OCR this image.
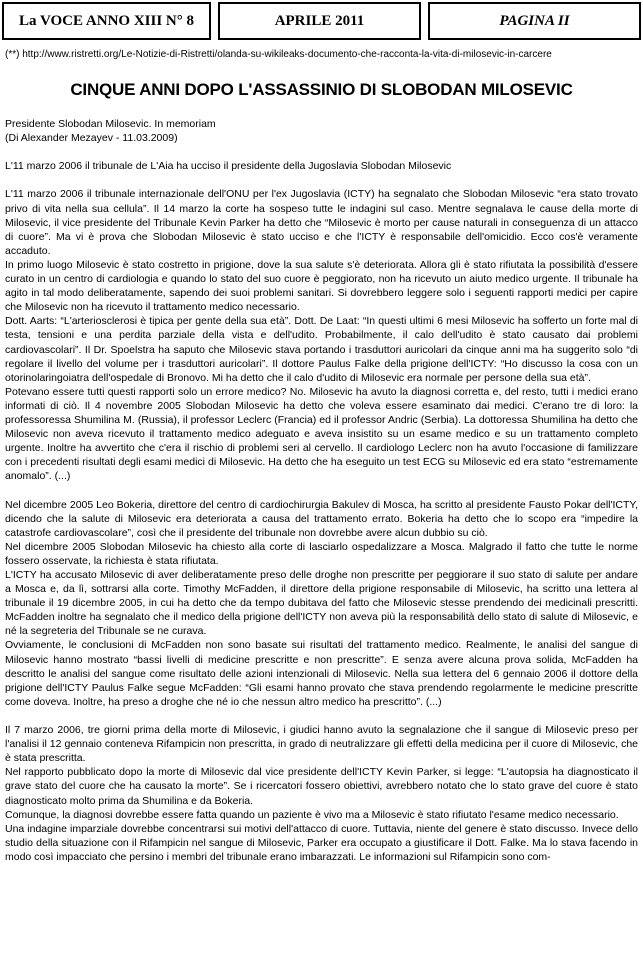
La VOCE ANNO XIII N° 8	APRILE 2011	PAGINA II
(**) http://www.ristretti.org/Le-Notizie-di-Ristretti/olanda-su-wikileaks-documento-che-racconta-la-vita-di-milosevic-in-carcere
CINQUE ANNI DOPO L'ASSASSINIO DI SLOBODAN MILOSEVIC

Presidente Slobodan Milosevic. In memoriam

(Di Alexander Mezayev - 11.03.2009)

L'11 marzo 2006 il tribunale de L'Aia ha ucciso il presidente della Jugoslavia Slobodan Milosevic

L'11 marzo 2006 il tribunale internazionale dell'ONU per l'ex Jugoslavia (ICTY) ha segnalato che Slobodan Milosevic “era stato trovato privo di vita nella sua cellula”. Il 14 marzo la corte ha sospeso tutte le indagini sul caso. Mentre segnalava le cause della morte di Milosevic, il vice presidente del Tribunale Kevin Parker ha detto che “Milosevic è morto per cause naturali in conseguenza di un attacco di cuore”. Ma vi è prova che Slobodan Milosevic è stato ucciso e che l'ICTY è responsabile dell'omicidio. Ecco cos'è veramente accaduto.

In primo luogo Milosevic è stato costretto in prigione, dove la sua salute s'è deteriorata. Allora gli è stato rifiutata la possibilità d'essere curato in un centro di cardiologia e quando lo stato del suo cuore è peggiorato, non ha ricevuto un aiuto medico urgente. Il tribunale ha agito in tal modo deliberatamente, sapendo dei suoi problemi sanitari. Si dovrebbero leggere solo i seguenti rapporti medici per capire che Milosevic non ha ricevuto il trattamento medico necessario.

Dott. Aarts: “L'arteriosclerosi è tipica per gente della sua età”. Dott. De Laat: “In questi ultimi 6 mesi Milosevic ha sofferto un forte mal di testa, tensioni e una perdita parziale della vista e dell'udito. Probabilmente, il calo dell'udito è stato causato dai problemi cardiovascolari”. Il Dr. Spoelstra ha saputo che Milosevic stava portando i trasduttori auricolari da cinque anni ma ha suggerito solo “di regolare il livello del volume per i trasduttori auricolari”. Il dottore Paulus Falke della prigione dell'ICTY: “Ho discusso la cosa con un otorinolaringoiatra dell'ospedale di Bronovo. Mi ha detto che il calo d'udito di Milosevic era normale per persone della sua età”.

Potevano essere tutti questi rapporti solo un errore medico? No. Milosevic ha avuto la diagnosi corretta e, del resto, tutti i medici erano informati di ciò. Il 4 novembre 2005 Slobodan Milosevic ha detto che voleva essere esaminato dai medici. C'erano tre di loro: la professoressa Shumilina M. (Russia), il professor Leclerc (Francia) ed il professor Andric (Serbia). La dottoressa Shumilina ha detto che Milosevic non aveva ricevuto il trattamento medico adeguato e aveva insistito su un esame medico e su un trattamento completo urgente. Inoltre ha avvertito che c'era il rischio di problemi seri al cervello. Il cardiologo Leclerc non ha avuto l'occasione di familizzare con i precedenti risultati degli esami medici di Milosevic. Ha detto che ha eseguito un test ECG su Milosevic ed era stato “estremamente anomalo”. (...)

Nel dicembre 2005 Leo Bokeria, direttore del centro di cardiochirurgia Bakulev di Mosca, ha scritto al presidente Fausto Pokar dell'ICTY, dicendo che la salute di Milosevic era deteriorata a causa del trattamento errato. Bokeria ha detto che lo scopo era “impedire la catastrofe cardiovascolare”, così che il presidente del tribunale non dovrebbe avere alcun dubbio su ciò.

Nel dicembre 2005 Slobodan Milosevic ha chiesto alla corte di lasciarlo ospedalizzare a Mosca. Malgrado il fatto che tutte le norme fossero osservate, la richiesta è stata rifiutata.

L'ICTY ha accusato Milosevic di aver deliberatamente preso delle droghe non prescritte per peggiorare il suo stato di salute per andare a Mosca e, da lì, sottrarsi alla corte. Timothy McFadden, il direttore della prigione responsabile di Milosevic, ha scritto una lettera al tribunale il 19 dicembre 2005, in cui ha detto che da tempo dubitava del fatto che Milosevic stesse prendendo dei medicinali prescritti. McFadden inoltre ha segnalato che il medico della prigione dell'ICTY non aveva più la responsabilità dello stato di salute di Milosevic, e né la segreteria del Tribunale se ne curava.

Ovviamente, le conclusioni di McFadden non sono basate sui risultati del trattamento medico. Realmente, le analisi del sangue di Milosevic hanno mostrato “bassi livelli di medicine prescritte e non prescritte”. E senza avere alcuna prova solida, McFadden ha descritto le analisi del sangue come risultato delle azioni intenzionali di Milosevic. Nella sua lettera del 6 gennaio 2006 il dottore della prigione dell'ICTY Paulus Falke segue McFadden: “Gli esami hanno provato che stava prendendo regolarmente le medicine prescritte come doveva. Inoltre, ha preso a droghe che né io che nessun altro medico ha prescritto”. (...)

Il 7 marzo 2006, tre giorni prima della morte di Milosevic, i giudici hanno avuto la segnalazione che il sangue di Milosevic preso per l'analisi il 12 gennaio conteneva Rifampicin non prescritta, in grado di neutralizzare gli effetti della medicina per il cuore di Milosevic, che è stata prescritta.

Nel rapporto pubblicato dopo la morte di Milosevic dal vice presidente dell'ICTY Kevin Parker, si legge: “L'autopsia ha diagnosticato il grave stato del cuore che ha causato la morte”. Se i ricercatori fossero obiettivi, avrebbero notato che lo stato grave del cuore è stato diagnosticato molto prima da Shumilina e da Bokeria.

Comunque, la diagnosi dovrebbe essere fatta quando un paziente è vivo ma a Milosevic è stato rifiutato l'esame medico necessario.

Una indagine imparziale dovrebbe concentrarsi sui motivi dell'attacco di cuore. Tuttavia, niente del genere è stato discusso. Invece dello studio della situazione con il Rifampicin nel sangue di Milosevic, Parker era occupato a giustificare il Dott. Falke. Ma lo stava facendo in modo così impacciato che persino i membri del tribunale erano imbarazzati. Le informazioni sul Rifampicin sono com-
